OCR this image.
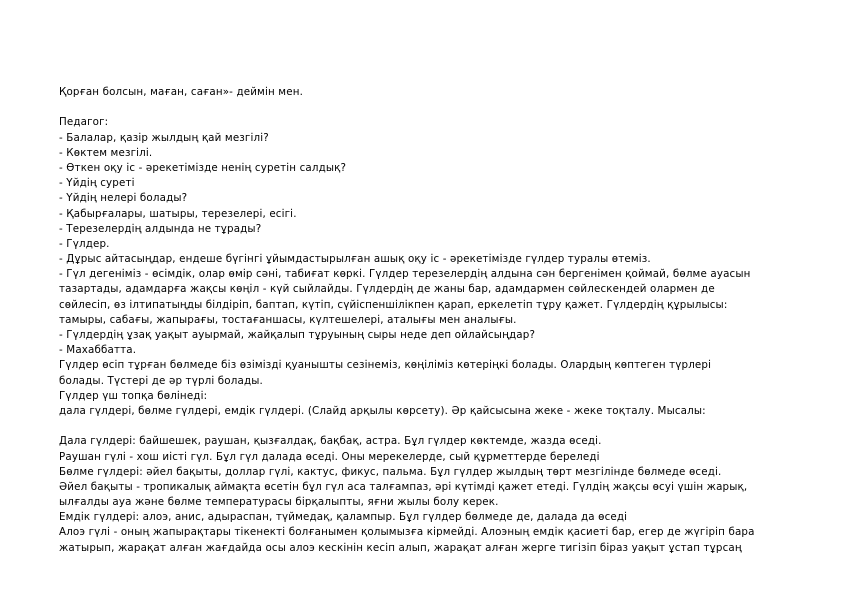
Қорған болсын, маған, саған»- деймін мен.
Педагог:
- Балалар, қазір жылдың қай мезгілі?
- Көктем мезгілі.
- Өткен оқу іс - әрекетімізде ненің суретін салдық?
- Үйдің суреті
- Үйдің нелері болады?
- Қабырғалары, шатыры, терезелері, есігі.
- Терезелердің алдында не тұрады?
- Гүлдер.
- Дұрыс айтасыңдар, ендеше бүгінгі ұйымдастырылған ашық оқу іс - әрекетімізде гүлдер туралы өтеміз.
- Гүл дегеніміз - өсімдік, олар өмір сәні, табиғат көркі. Гүлдер терезелердің алдына сән бергенімен қоймай, бөлме ауасын
тазартады, адамдарға жақсы көңіл - күй сыйлайды. Гүлдердің де жаны бар, адамдармен сөйлескендей олармен де
сөйлесіп, өз ілтипатыңды білдіріп, баптап, күтіп, сүйіспеншілікпен қарап, еркелетіп тұру қажет. Гүлдердің құрылысы:
тамыры, сабағы, жапырағы, тостағаншасы, күлтешелері, аталығы мен аналығы.
- Гүлдердің ұзақ уақыт ауырмай, жайқалып тұруының сыры неде деп ойлайсыңдар?
- Махаббатта.
Гүлдер өсіп тұрған бөлмеде біз өзімізді қуанышты сезінеміз, көңіліміз көтеріңкі болады. Олардың көптеген түрлері
болады. Түстері де әр түрлі болады.
Гүлдер үш топқа бөлінеді:
дала гүлдері, бөлме гүлдері, емдік гүлдері. (Слайд арқылы көрсету). Әр қайсысына жеке - жеке тоқталу. Мысалы:
Дала гүлдері: байшешек, раушан, қызғалдақ, бақбақ, астра. Бұл гүлдер көктемде, жазда өседі.
Раушан гүлі - хош иісті гүл. Бұл гүл далада өседі. Оны мерекелерде, сый құрметтерде береледі
Бөлме гүлдері: әйел бақыты, доллар гүлі, кактус, фикус, пальма. Бұл гүлдер жылдың төрт мезгілінде бөлмеде өседі.
Әйел бақыты - тропикалық аймақта өсетін бұл гүл аса талғампаз, әрі күтімді қажет етеді. Гүлдің жақсы өсуі үшін жарық,
ылғалды ауа және бөлме температурасы бірқалыпты, яғни жылы болу керек.
Емдік гүлдері: алоэ, анис, адыраспан, түймедақ, қалампыр. Бұл гүлдер бөлмеде де, далада да өседі
Алоэ гүлі - оның жапырақтары тікенекті болғанымен қолымызға кірмейді. Алоэның емдік қасиеті бар, егер де жүгіріп бара
жатырып, жарақат алған жағдайда осы алоэ кескінін кесіп алып, жарақат алған жерге тигізіп біраз уақыт ұстап тұрсаң
